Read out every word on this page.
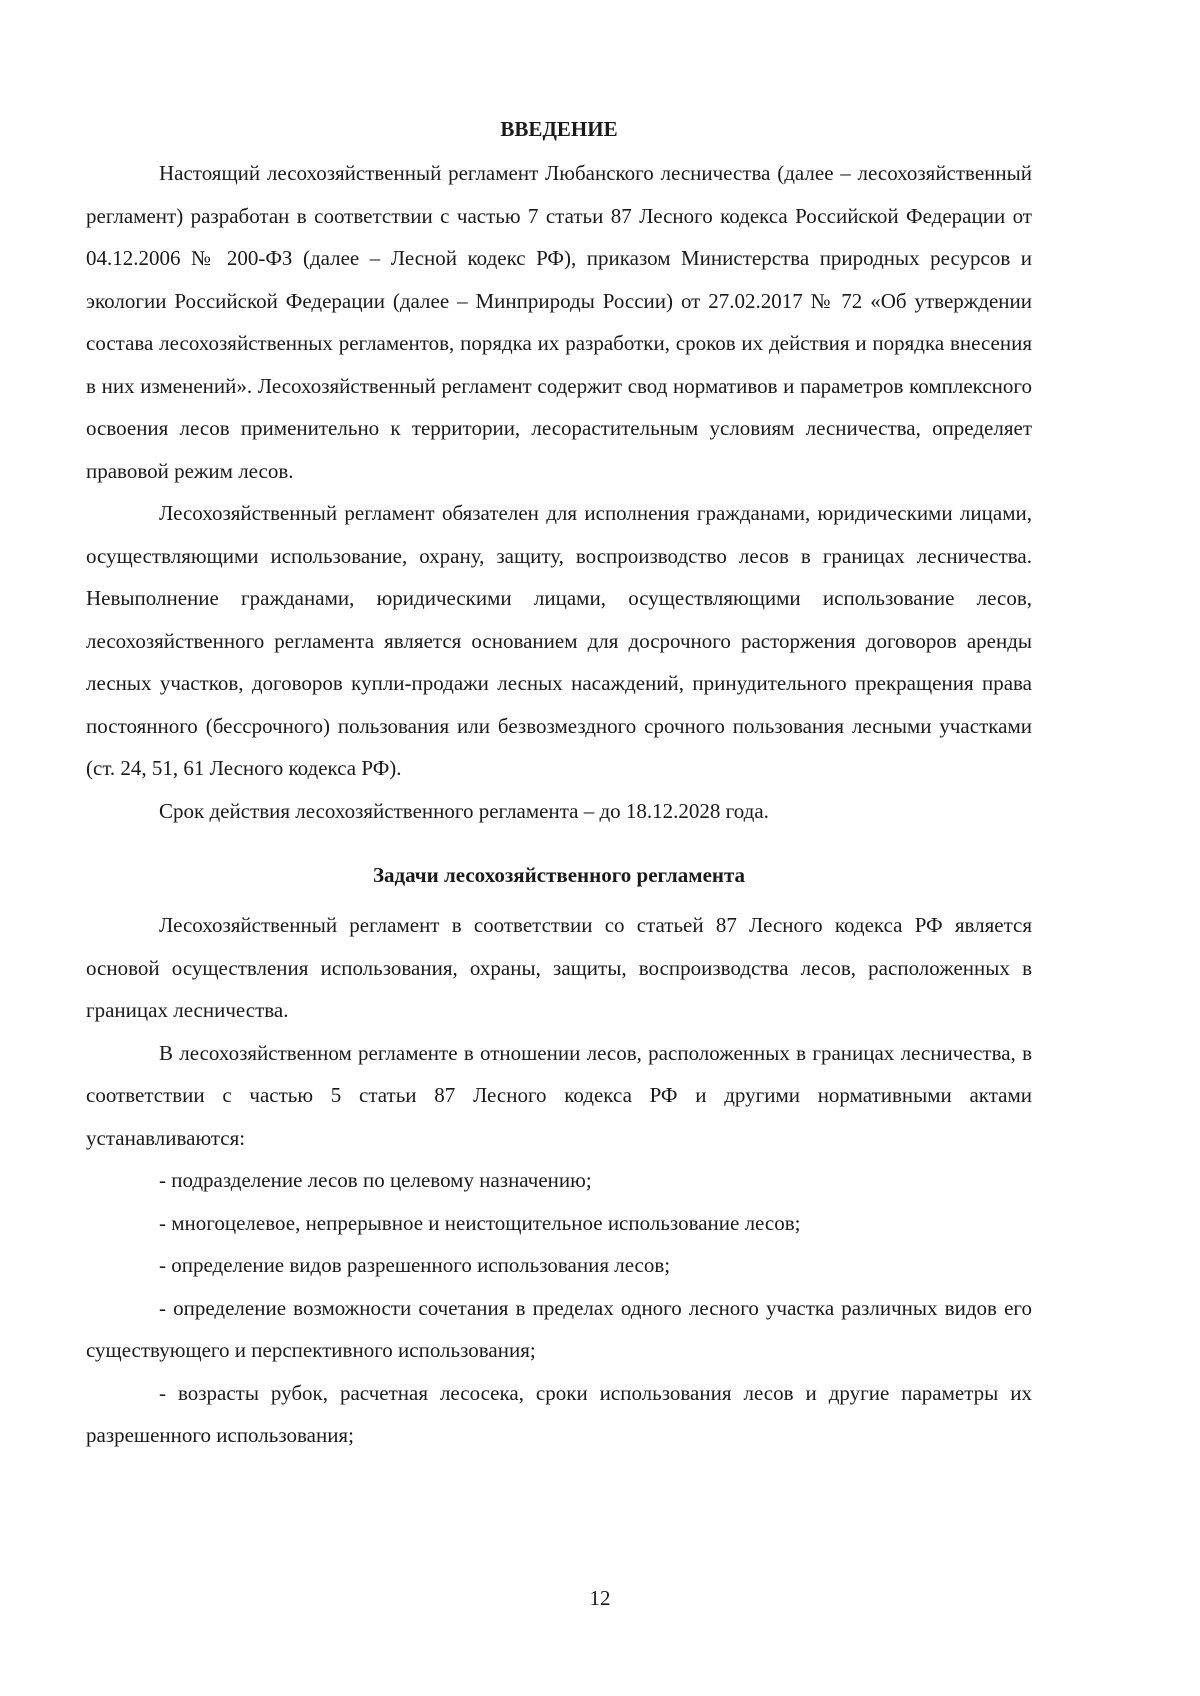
ВВЕДЕНИЕ

Настоящий лесохозяйственный регламент Любанского лесничества (далее – лесохозяйственный регламент) разработан в соответствии с частью 7 статьи 87 Лесного кодекса Российской Федерации от 04.12.2006 № 200-ФЗ (далее – Лесной кодекс РФ), приказом Министерства природных ресурсов и экологии Российской Федерации (далее – Минприроды России) от 27.02.2017 № 72 «Об утверждении состава лесохозяйственных регламентов, порядка их разработки, сроков их действия и порядка внесения в них изменений». Лесохозяйственный регламент содержит свод нормативов и параметров комплексного освоения лесов применительно к территории, лесорастительным условиям лесничества, определяет правовой режим лесов.

Лесохозяйственный регламент обязателен для исполнения гражданами, юридическими лицами, осуществляющими использование, охрану, защиту, воспроизводство лесов в границах лесничества. Невыполнение гражданами, юридическими лицами, осуществляющими использование лесов, лесохозяйственного регламента является основанием для досрочного расторжения договоров аренды лесных участков, договоров купли-продажи лесных насаждений, принудительного прекращения права постоянного (бессрочного) пользования или безвозмездного срочного пользования лесными участками (ст. 24, 51, 61 Лесного кодекса РФ).

Срок действия лесохозяйственного регламента – до 18.12.2028 года.

Задачи лесохозяйственного регламента

Лесохозяйственный регламент в соответствии со статьей 87 Лесного кодекса РФ является основой осуществления использования, охраны, защиты, воспроизводства лесов, расположенных в границах лесничества.

В лесохозяйственном регламенте в отношении лесов, расположенных в границах лесничества, в соответствии с частью 5 статьи 87 Лесного кодекса РФ и другими нормативными актами устанавливаются:

- подразделение лесов по целевому назначению;

- многоцелевое, непрерывное и неистощительное использование лесов;

- определение видов разрешенного использования лесов;

- определение возможности сочетания в пределах одного лесного участка различных видов его существующего и перспективного использования;

- возрасты рубок, расчетная лесосека, сроки использования лесов и другие параметры их разрешенного использования;

12
